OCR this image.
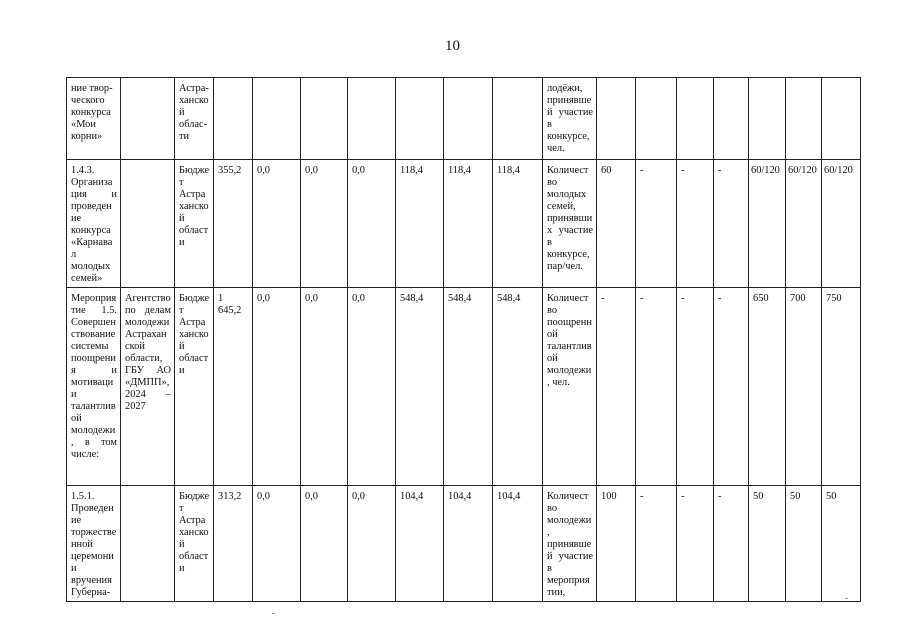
10
ние твор-ческого конкурса «Мои корни»		Астра-ханской облас-ти								лодёжи, принявшей участие в конкурсе, чел.							
1.4.3. Организация и проведение конкурса «Карнавал молодых семей»		Бюджет Астраханской области	355,2	0,0	0,0	0,0	118,4	118,4	118,4	Количество молодых семей, принявших участие в конкурсе, пар/чел.	60	-	-	-	60/120	60/120	60/120
Мероприятие 1.5. Совершенствование системы поощрения и мотивации талантливой молодежи, в том числе:	Агентство по делам молодежи Астраханской области, ГБУ АО «ДМПП», 2024 – 2027	Бюджет Астраханской области	1 645,2	0,0	0,0	0,0	548,4	548,4	548,4	Количество поощренной талантливой молодежи, чел.	-	-	-	-	650	700	750
1.5.1. Проведение торжественной церемонии вручения Губерна-		Бюджет Астраханской области	313,2	0,0	0,0	0,0	104,4	104,4	104,4	Количество молодежи, принявшей участие в мероприятии,	100	-	-	-	50	50	50
